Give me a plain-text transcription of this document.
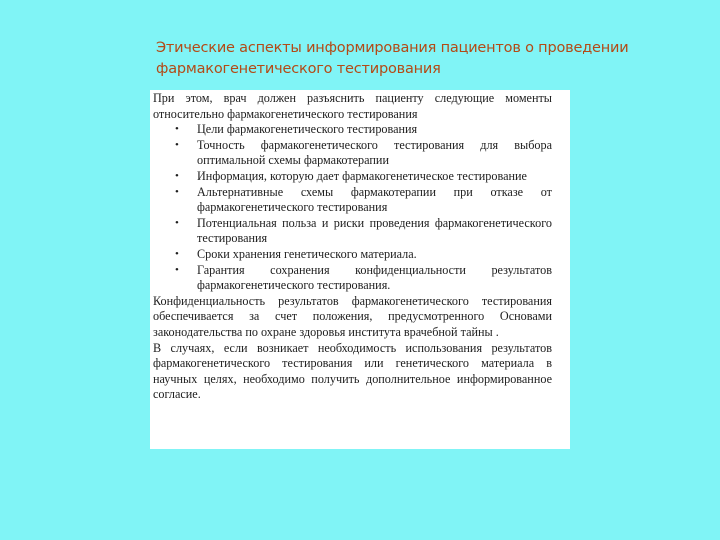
Этические аспекты информирования пациентов о проведении фармакогенетического тестирования

При этом, врач должен разъяснить пациенту следующие моменты относительно фармакогенетического тестирования

• Цели фармакогенетического тестирования
• Точность фармакогенетического тестирования для выбора оптимальной схемы фармакотерапии
• Информация, которую дает фармакогенетическое тестирование
• Альтернативные схемы фармакотерапии при отказе от фармакогенетического тестирования
• Потенциальная польза и риски проведения фармакогенетического тестирования
• Сроки хранения генетического материала.
• Гарантия сохранения конфиденциальности результатов фармакогенетического тестирования.

Конфиденциальность результатов фармакогенетического тестирования обеспечивается за счет положения, предусмотренного Основами законодательства по охране здоровья института врачебной тайны .

В случаях, если возникает необходимость использования результатов фармакогенетического тестирования или генетического материала в научных целях, необходимо получить дополнительное информированное согласие.
